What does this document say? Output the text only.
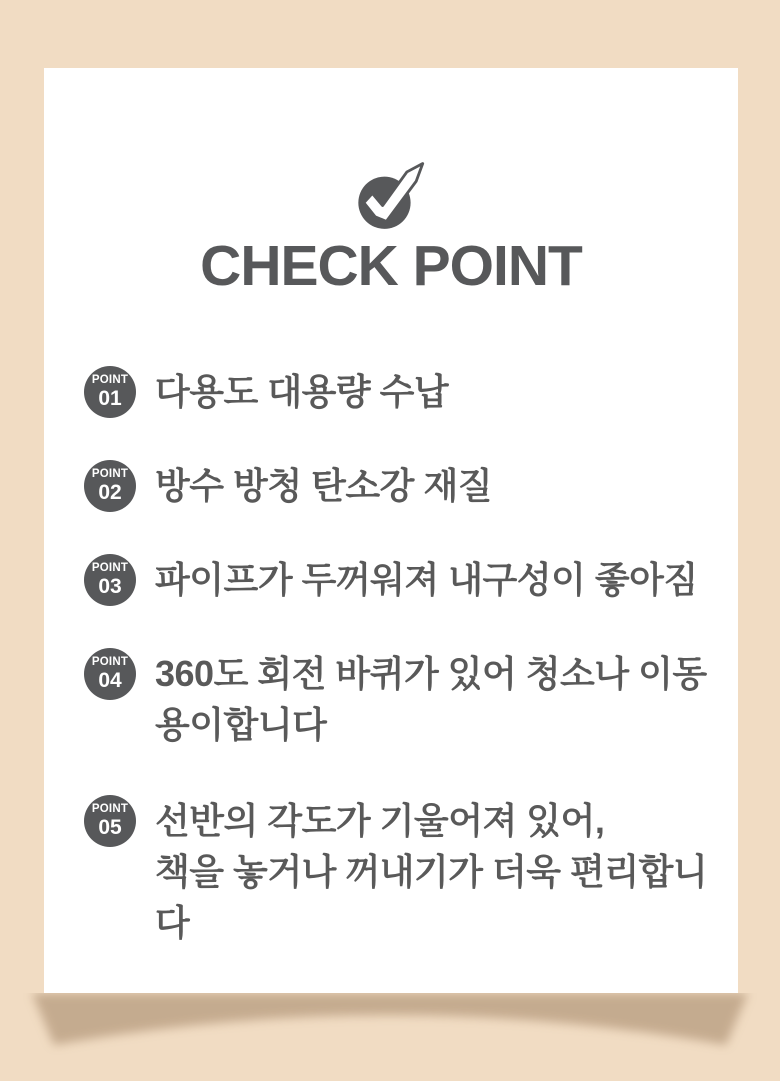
CHECK POINT
POINT
01 다용도 대용량 수납
POINT
02 방수 방청 탄소강 재질
POINT
03 파이프가 두꺼워져 내구성이 좋아짐
POINT
04 360도 회전 바퀴가 있어 청소나 이동
용이합니다
POINT
05 선반의 각도가 기울어져 있어,
책을 놓거나 꺼내기가 더욱 편리합니다
